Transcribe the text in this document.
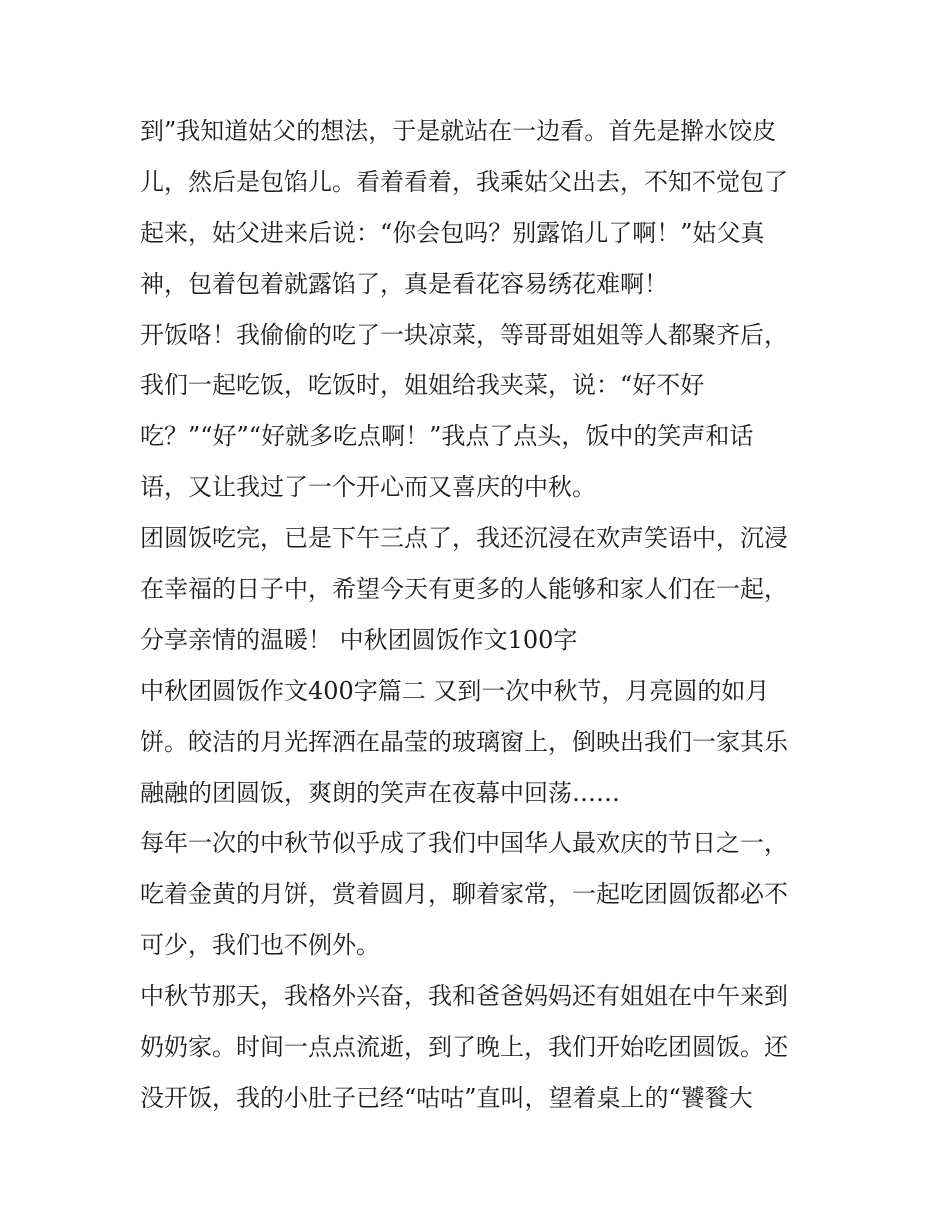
到”我知道姑父的想法，于是就站在一边看。首先是擀水饺皮

儿，然后是包馅儿。看着看着，我乘姑父出去，不知不觉包了

起来，姑父进来后说：“你会包吗？别露馅儿了啊！”姑父真

神，包着包着就露馅了，真是看花容易绣花难啊！

开饭咯！我偷偷的吃了一块凉菜，等哥哥姐姐等人都聚齐后，

我们一起吃饭，吃饭时，姐姐给我夹菜，说：“好不好

吃？”“好”“好就多吃点啊！”我点了点头，饭中的笑声和话

语，又让我过了一个开心而又喜庆的中秋。

团圆饭吃完，已是下午三点了，我还沉浸在欢声笑语中，沉浸

在幸福的日子中，希望今天有更多的人能够和家人们在一起，

分享亲情的温暖！ 中秋团圆饭作文100字

中秋团圆饭作文400字篇二 又到一次中秋节，月亮圆的如月

饼。皎洁的月光挥洒在晶莹的玻璃窗上，倒映出我们一家其乐

融融的团圆饭，爽朗的笑声在夜幕中回荡……

每年一次的中秋节似乎成了我们中国华人最欢庆的节日之一，

吃着金黄的月饼，赏着圆月，聊着家常，一起吃团圆饭都必不

可少，我们也不例外。

中秋节那天，我格外兴奋，我和爸爸妈妈还有姐姐在中午来到

奶奶家。时间一点点流逝，到了晚上，我们开始吃团圆饭。还

没开饭，我的小肚子已经“咕咕”直叫，望着桌上的“饕餮大
